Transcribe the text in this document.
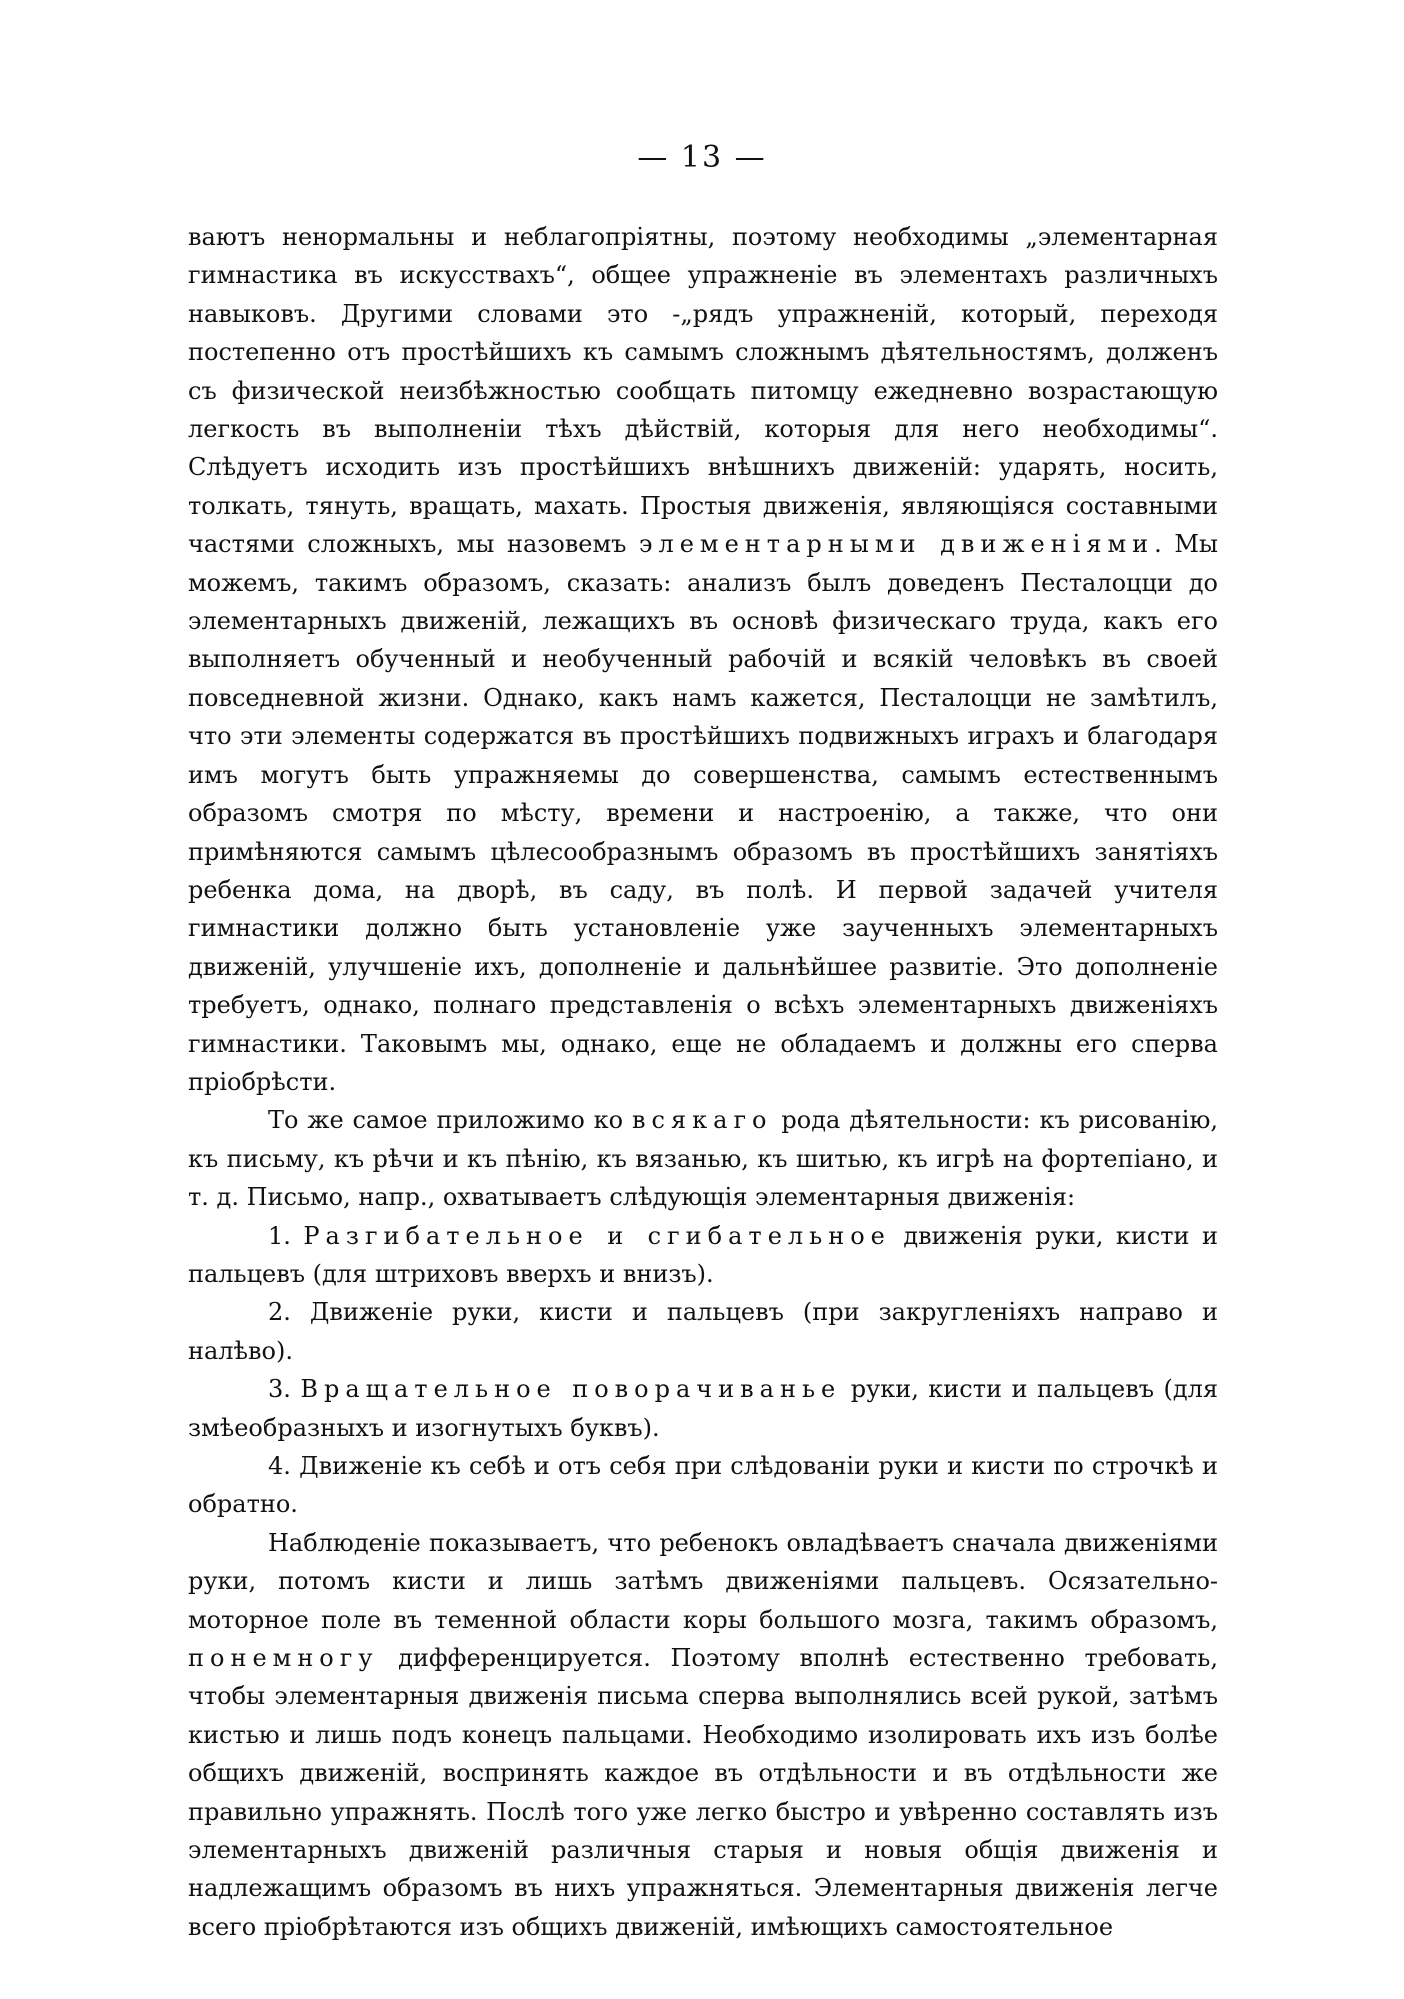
— 13 —

ваютъ ненормальны и неблагопріятны, поэтому необходимы „элементарная гимнастика въ искусствахъ“, общее упражненіе въ элементахъ различныхъ навыковъ. Другими словами это -„рядъ упражненій, который, переходя постепенно отъ простѣйшихъ къ самымъ сложнымъ дѣятельностямъ, долженъ съ физической неизбѣжностью сообщать питомцу ежедневно возрастающую легкость въ выполненіи тѣхъ дѣйствій, которыя для него необходимы“. Слѣдуетъ исходить изъ простѣйшихъ внѣшнихъ движеній: ударять, носить, толкать, тянуть, вращать, махать. Простыя движенія, являющіяся составными частями сложныхъ, мы назовемъ элементарными движеніями. Мы можемъ, такимъ образомъ, сказать: анализъ былъ доведенъ Песталоцци до элементарныхъ движеній, лежащихъ въ основѣ физическаго труда, какъ его выполняетъ обученный и необученный рабочій и всякій человѣкъ въ своей повседневной жизни. Однако, какъ намъ кажется, Песталоцци не замѣтилъ, что эти элементы содержатся въ простѣйшихъ подвижныхъ играхъ и благодаря имъ могутъ быть упражняемы до совершенства, самымъ естественнымъ образомъ смотря по мѣсту, времени и настроенію, а также, что они примѣняются самымъ цѣлесообразнымъ образомъ въ простѣйшихъ занятіяхъ ребенка дома, на дворѣ, въ саду, въ полѣ. И первой задачей учителя гимнастики должно быть установленіе уже заученныхъ элементарныхъ движеній, улучшеніе ихъ, дополненіе и дальнѣйшее развитіе. Это дополненіе требуетъ, однако, полнаго представленія о всѣхъ элементарныхъ движеніяхъ гимнастики. Таковымъ мы, однако, еще не обладаемъ и должны его сперва пріобрѣсти.

То же самое приложимо ко всякаго рода дѣятельности: къ рисованію, къ письму, къ рѣчи и къ пѣнію, къ вязанью, къ шитью, къ игрѣ на фортепіано, и т. д. Письмо, напр., охватываетъ слѣдующія элементарныя движенія:

1. Разгибательное и сгибательное движенія руки, кисти и пальцевъ (для штриховъ вверхъ и внизъ).

2. Движеніе руки, кисти и пальцевъ (при закругленіяхъ направо и налѣво).

3. Вращательное поворачиванье руки, кисти и пальцевъ (для змѣеобразныхъ и изогнутыхъ буквъ).

4. Движеніе къ себѣ и отъ себя при слѣдованіи руки и кисти по строчкѣ и обратно.

Наблюденіе показываетъ, что ребенокъ овладѣваетъ сначала движеніями руки, потомъ кисти и лишь затѣмъ движеніями пальцевъ. Осязательно-моторное поле въ теменной области коры большого мозга, такимъ образомъ, понемногу дифференцируется. Поэтому вполнѣ естественно требовать, чтобы элементарныя движенія письма сперва выполнялись всей рукой, затѣмъ кистью и лишь подъ конецъ пальцами. Необходимо изолировать ихъ изъ болѣе общихъ движеній, воспринять каждое въ отдѣльности и въ отдѣльности же правильно упражнять. Послѣ того уже легко быстро и увѣренно составлять изъ элементарныхъ движеній различныя старыя и новыя общія движенія и надлежащимъ образомъ въ нихъ упражняться. Элементарныя движенія легче всего пріобрѣтаются изъ общихъ движеній, имѣющихъ самостоятельное
